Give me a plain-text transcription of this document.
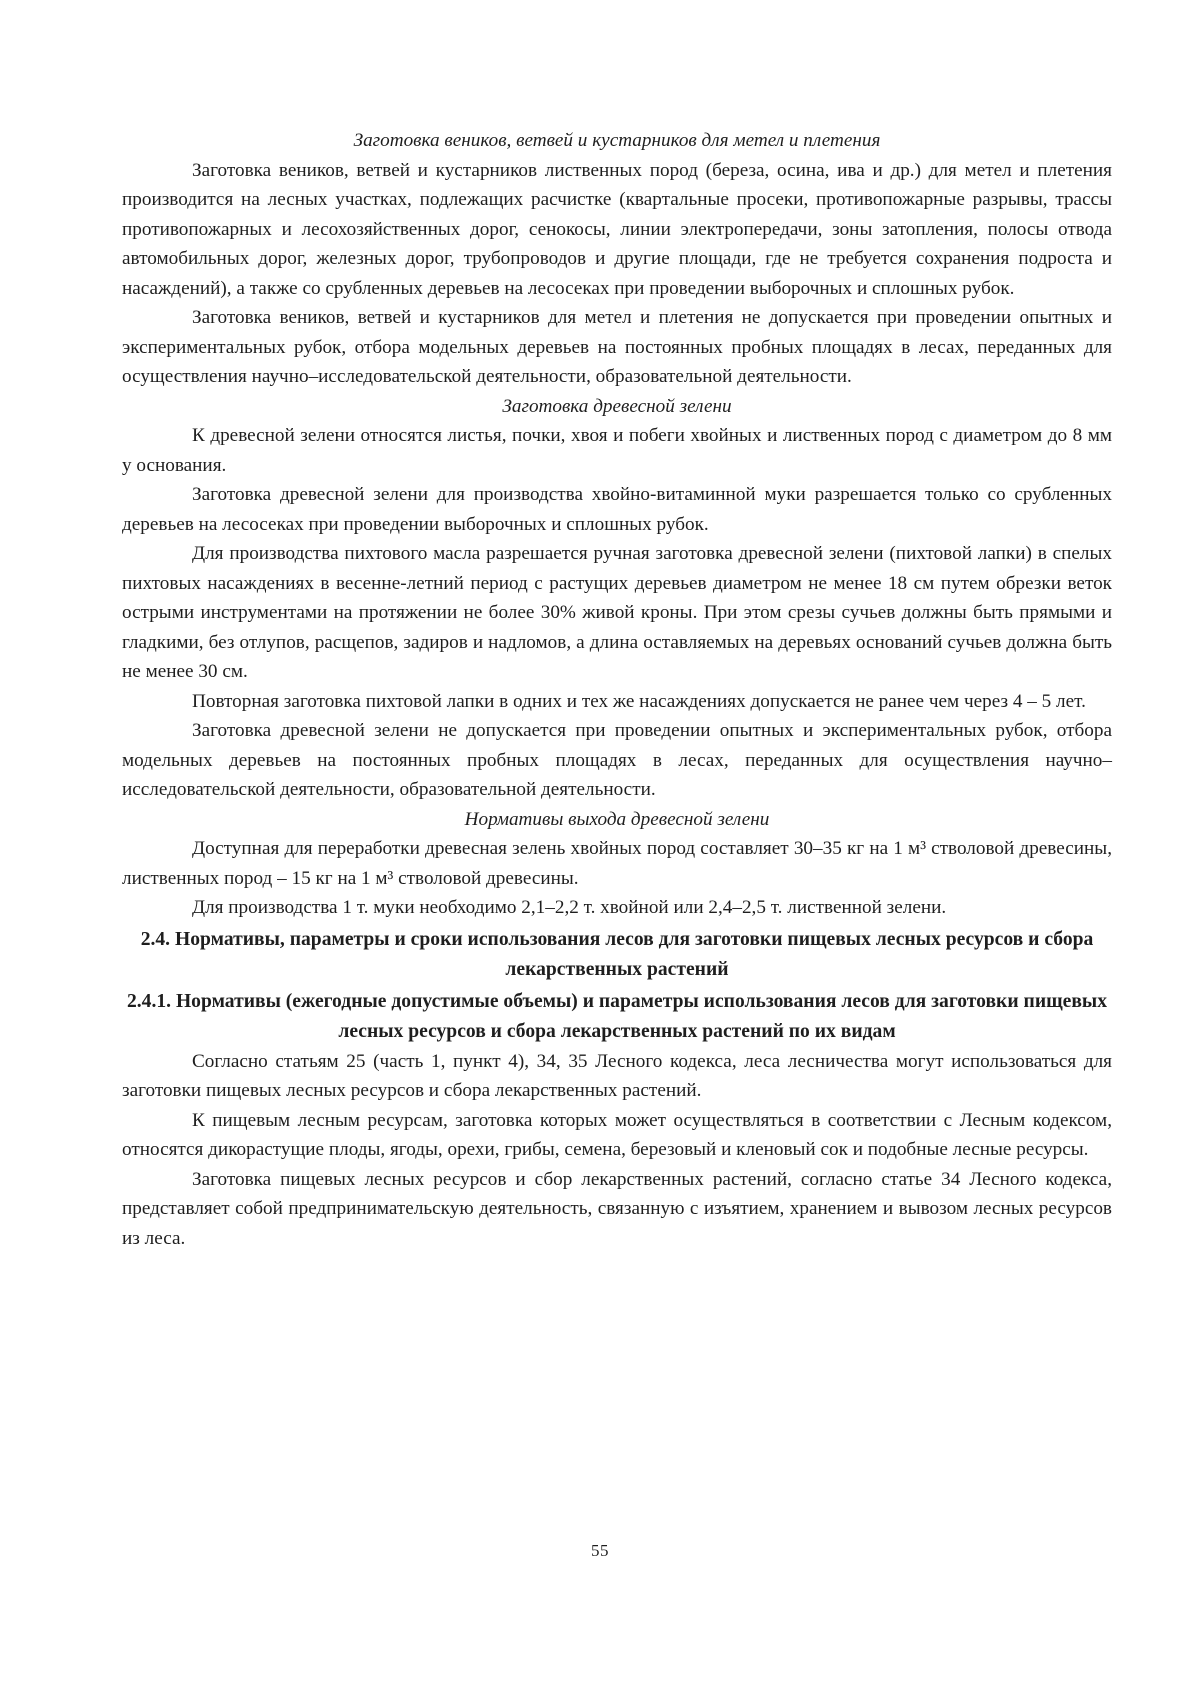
Заготовка веников, ветвей и кустарников для метел и плетения

Заготовка веников, ветвей и кустарников лиственных пород (береза, осина, ива и др.) для метел и плетения производится на лесных участках, подлежащих расчистке (квартальные просеки, противопожарные разрывы, трассы противопожарных и лесохозяйственных дорог, сенокосы, линии электропередачи, зоны затопления, полосы отвода автомобильных дорог, железных дорог, трубопроводов и другие площади, где не требуется сохранения подроста и насаждений), а также со срубленных деревьев на лесосеках при проведении выборочных и сплошных рубок.

Заготовка веников, ветвей и кустарников для метел и плетения не допускается при проведении опытных и экспериментальных рубок, отбора модельных деревьев на постоянных пробных площадях в лесах, переданных для осуществления научно–исследовательской деятельности, образовательной деятельности.

Заготовка древесной зелени

К древесной зелени относятся листья, почки, хвоя и побеги хвойных и лиственных пород с диаметром до 8 мм у основания.

Заготовка древесной зелени для производства хвойно-витаминной муки разрешается только со срубленных деревьев на лесосеках при проведении выборочных и сплошных рубок.

Для производства пихтового масла разрешается ручная заготовка древесной зелени (пихтовой лапки) в спелых пихтовых насаждениях в весенне-летний период с растущих деревьев диаметром не менее 18 см путем обрезки веток острыми инструментами на протяжении не более 30% живой кроны. При этом срезы сучьев должны быть прямыми и гладкими, без отлупов, расщепов, задиров и надломов, а длина оставляемых на деревьях оснований сучьев должна быть не менее 30 см.

Повторная заготовка пихтовой лапки в одних и тех же насаждениях допускается не ранее чем через 4 – 5 лет.

Заготовка древесной зелени не допускается при проведении опытных и экспериментальных рубок, отбора модельных деревьев на постоянных пробных площадях в лесах, переданных для осуществления научно–исследовательской деятельности, образовательной деятельности.

Нормативы выхода древесной зелени

Доступная для переработки древесная зелень хвойных пород составляет 30–35 кг на 1 м³ стволовой древесины, лиственных пород – 15 кг на 1 м³ стволовой древесины.

Для производства 1 т. муки необходимо 2,1–2,2 т. хвойной или 2,4–2,5 т. лиственной зелени.

2.4. Нормативы, параметры и сроки использования лесов для заготовки пищевых лесных ресурсов и сбора лекарственных растений

2.4.1. Нормативы (ежегодные допустимые объемы) и параметры использования лесов для заготовки пищевых лесных ресурсов и сбора лекарственных растений по их видам

Согласно статьям 25 (часть 1, пункт 4), 34, 35 Лесного кодекса, леса лесничества могут использоваться для заготовки пищевых лесных ресурсов и сбора лекарственных растений.

К пищевым лесным ресурсам, заготовка которых может осуществляться в соответствии с Лесным кодексом, относятся дикорастущие плоды, ягоды, орехи, грибы, семена, березовый и кленовый сок и подобные лесные ресурсы.

Заготовка пищевых лесных ресурсов и сбор лекарственных растений, согласно статье 34 Лесного кодекса, представляет собой предпринимательскую деятельность, связанную с изъятием, хранением и вывозом лесных ресурсов из леса.

55
